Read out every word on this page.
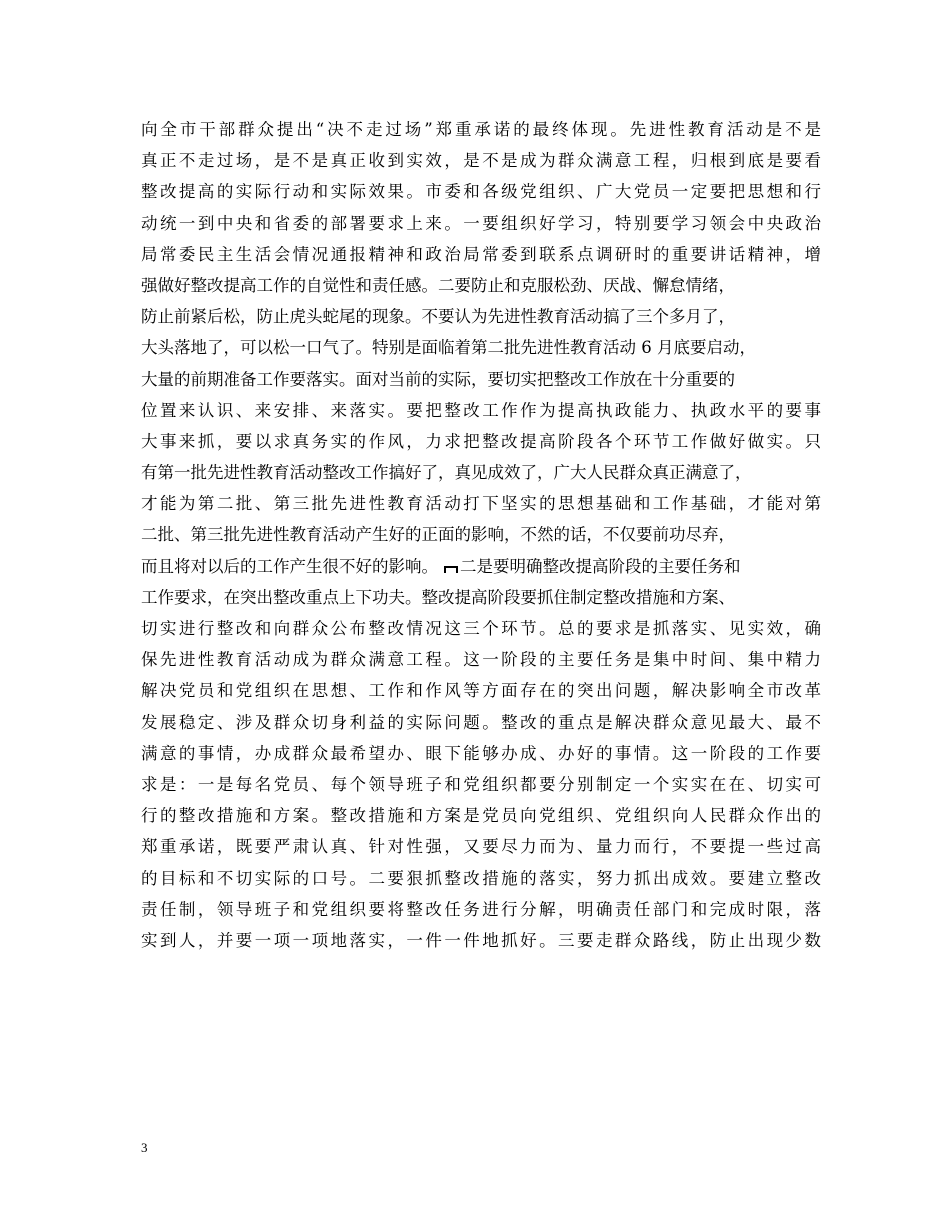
向全市干部群众提出“决不走过场”郑重承诺的最终体现。先进性教育活动是不是
真正不走过场，是不是真正收到实效，是不是成为群众满意工程，归根到底是要看
整改提高的实际行动和实际效果。市委和各级党组织、广大党员一定要把思想和行
动统一到中央和省委的部署要求上来。一要组织好学习，特别要学习领会中央政治
局常委民主生活会情况通报精神和政治局常委到联系点调研时的重要讲话精神，增
强做好整改提高工作的自觉性和责任感。二要防止和克服松劲、厌战、懈怠情绪，
防止前紧后松，防止虎头蛇尾的现象。不要认为先进性教育活动搞了三个多月了，
大头落地了，可以松一口气了。特别是面临着第二批先进性教育活动 6 月底要启动，
大量的前期准备工作要落实。面对当前的实际，要切实把整改工作放在十分重要的
位置来认识、来安排、来落实。要把整改工作作为提高执政能力、执政水平的要事
大事来抓，要以求真务实的作风，力求把整改提高阶段各个环节工作做好做实。只
有第一批先进性教育活动整改工作搞好了，真见成效了，广大人民群众真正满意了，
才能为第二批、第三批先进性教育活动打下坚实的思想基础和工作基础，才能对第
二批、第三批先进性教育活动产生好的正面的影响，不然的话，不仅要前功尽弃，
而且将对以后的工作产生很不好的影响。 二是要明确整改提高阶段的主要任务和
工作要求，在突出整改重点上下功夫。整改提高阶段要抓住制定整改措施和方案、
切实进行整改和向群众公布整改情况这三个环节。总的要求是抓落实、见实效，确
保先进性教育活动成为群众满意工程。这一阶段的主要任务是集中时间、集中精力
解决党员和党组织在思想、工作和作风等方面存在的突出问题，解决影响全市改革
发展稳定、涉及群众切身利益的实际问题。整改的重点是解决群众意见最大、最不
满意的事情，办成群众最希望办、眼下能够办成、办好的事情。这一阶段的工作要
求是：一是每名党员、每个领导班子和党组织都要分别制定一个实实在在、切实可
行的整改措施和方案。整改措施和方案是党员向党组织、党组织向人民群众作出的
郑重承诺，既要严肃认真、针对性强，又要尽力而为、量力而行，不要提一些过高
的目标和不切实际的口号。二要狠抓整改措施的落实，努力抓出成效。要建立整改
责任制，领导班子和党组织要将整改任务进行分解，明确责任部门和完成时限，落
实到人，并要一项一项地落实，一件一件地抓好。三要走群众路线，防止出现少数
3
